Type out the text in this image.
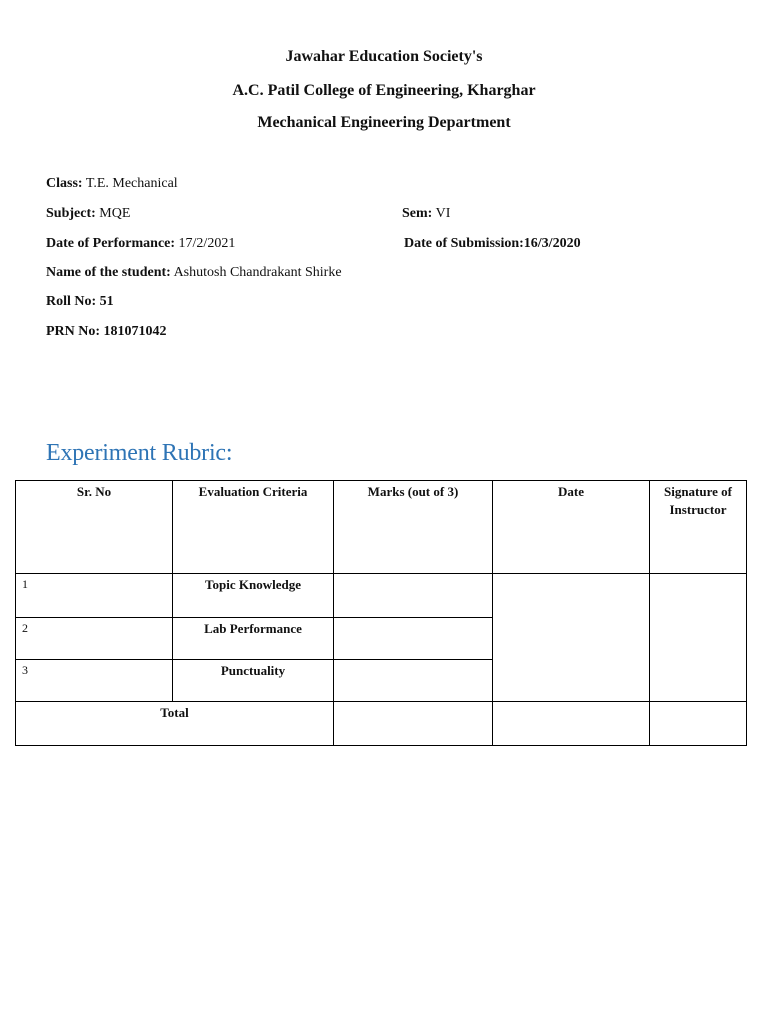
Jawahar Education Society's
A.C. Patil College of Engineering, Kharghar
Mechanical Engineering Department
Class: T.E. Mechanical
Subject: MQE	Sem: VI
Date of Performance: 17/2/2021	Date of Submission:16/3/2020
Name of the student: Ashutosh Chandrakant Shirke
Roll No: 51
PRN No: 181071042
Experiment Rubric:
Sr. No	Evaluation Criteria	Marks (out of 3)	Date	Signature of Instructor
1	Topic Knowledge			
2	Lab Performance			
3	Punctuality			
Total				
